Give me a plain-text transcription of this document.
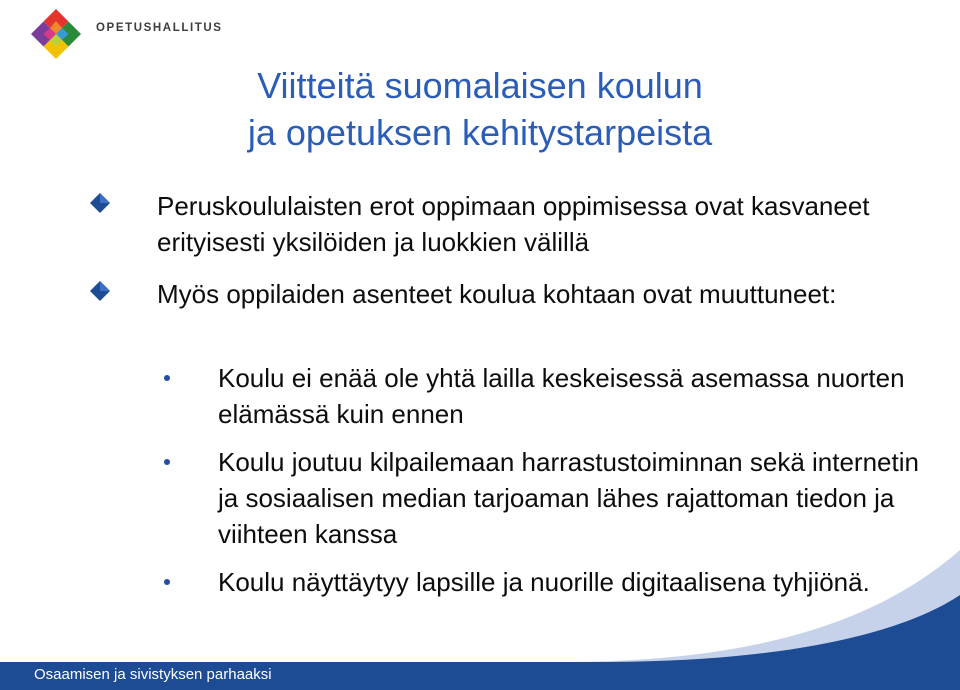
OPETUSHALLITUS
Viitteitä suomalaisen koulun
ja opetuksen kehitystarpeista
Peruskoululaisten erot oppimaan oppimisessa ovat kasvaneet erityisesti yksilöiden ja luokkien välillä
Myös oppilaiden asenteet koulua kohtaan ovat muuttuneet:
Koulu ei enää ole yhtä lailla keskeisessä asemassa nuorten elämässä kuin ennen
Koulu joutuu kilpailemaan harrastustoiminnan sekä internetin ja sosiaalisen median tarjoaman lähes rajattoman tiedon ja viihteen kanssa
Koulu näyttäytyy lapsille ja nuorille digitaalisena tyhjiönä.
Osaamisen ja sivistyksen parhaaksi
